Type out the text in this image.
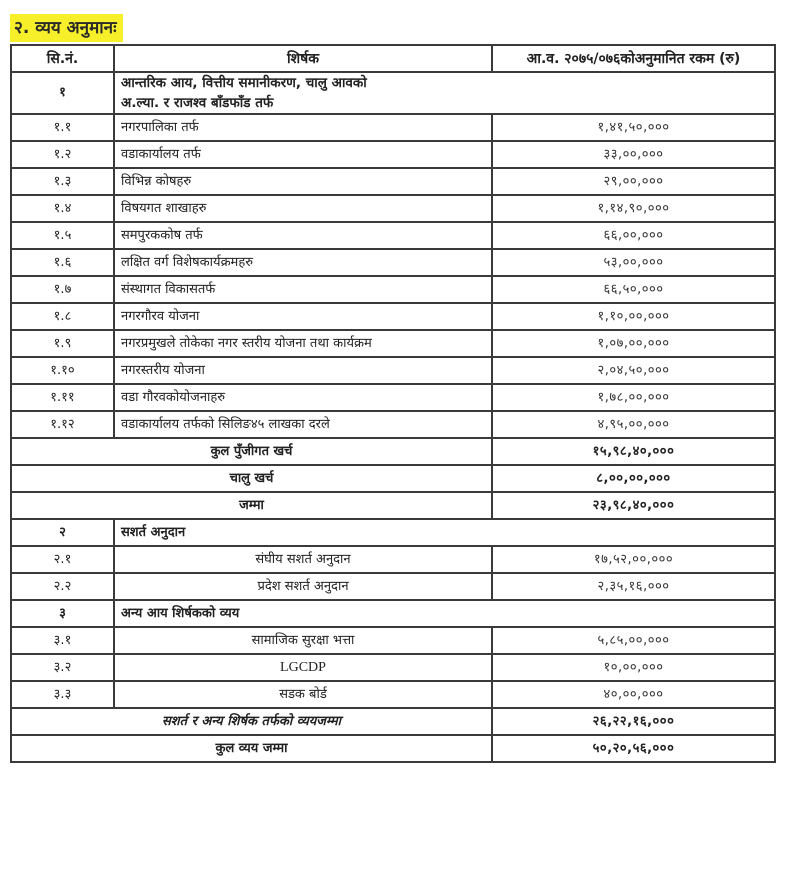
२. व्यय अनुमानः
सि.नं.	शिर्षक	आ.व. २०७५/०७६कोअनुमानित रकम (रु)
१	आन्तरिक आय, वित्तीय समानीकरण, चालु आवको
अ.ल्या. र राजश्व बाँडफाँड तर्फ	

१.१	नगरपालिका तर्फ	१,४१,५०,०००
१.२	वडाकार्यालय तर्फ	३३,००,०००
१.३	विभिन्न कोषहरु	२९,००,०००
१.४	विषयगत शाखाहरु	१,१४,९०,०००
१.५	समपुरककोष तर्फ	६६,००,०००
१.६	लक्षित वर्ग विशेषकार्यक्रमहरु	५३,००,०००
१.७	संस्थागत विकासतर्फ	६६,५०,०००
१.८	नगरगौरव योजना	१,१०,००,०००
१.९	नगरप्रमुखले तोकेका नगर स्तरीय योजना तथा कार्यक्रम	१,०७,००,०००
१.१०	नगरस्तरीय योजना	२,०४,५०,०००
१.११	वडा गौरवकोयोजनाहरु	१,७८,००,०००
१.१२	वडाकार्यालय तर्फको सिलिङ४५ लाखका दरले	४,९५,००,०००
कुल पुँजीगत खर्च		१५,९८,४०,०००
चालु खर्च		८,००,००,०००
जम्मा		२३,९८,४०,०००
२	सशर्त अनुदान	
२.१	संघीय सशर्त अनुदान	१७,५२,००,०००
२.२	प्रदेश सशर्त अनुदान	२,३५,१६,०००
३	अन्य आय शिर्षकको व्यय	
३.१	सामाजिक सुरक्षा भत्ता	५,८५,००,०००
३.२	LGCDP	१०,००,०००
३.३	सडक बोर्ड	४०,००,०००
सशर्त र अन्य शिर्षक तर्फको व्ययजम्मा		२६,२२,१६,०००
कुल व्यय जम्मा		५०,२०,५६,०००
